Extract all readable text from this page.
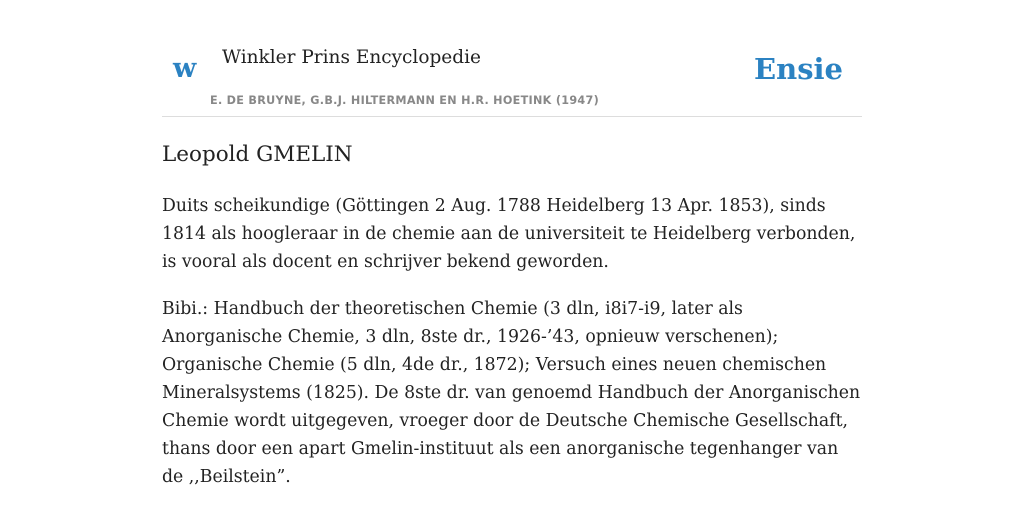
w Winkler Prins Encyclopedie
E. DE BRUYNE, G.B.J. HILTERMANN EN H.R. HOETINK (1947)
Ensie
Leopold GMELIN

Duits scheikundige (Göttingen 2 Aug. 1788 Heidelberg 13 Apr. 1853), sinds 1814 als hoogleraar in de chemie aan de universiteit te Heidelberg verbonden, is vooral als docent en schrijver bekend geworden.

Bibi.: Handbuch der theoretischen Chemie (3 dln, i8i7-i9, later als Anorganische Chemie, 3 dln, 8ste dr., 1926-’43, opnieuw verschenen); Organische Chemie (5 dln, 4de dr., 1872); Versuch eines neuen chemischen Mineralsystems (1825). De 8ste dr. van genoemd Handbuch der Anorganischen Chemie wordt uitgegeven, vroeger door de Deutsche Chemische Gesellschaft, thans door een apart Gmelin-instituut als een anorganische tegenhanger van de ,,Beilstein”.
